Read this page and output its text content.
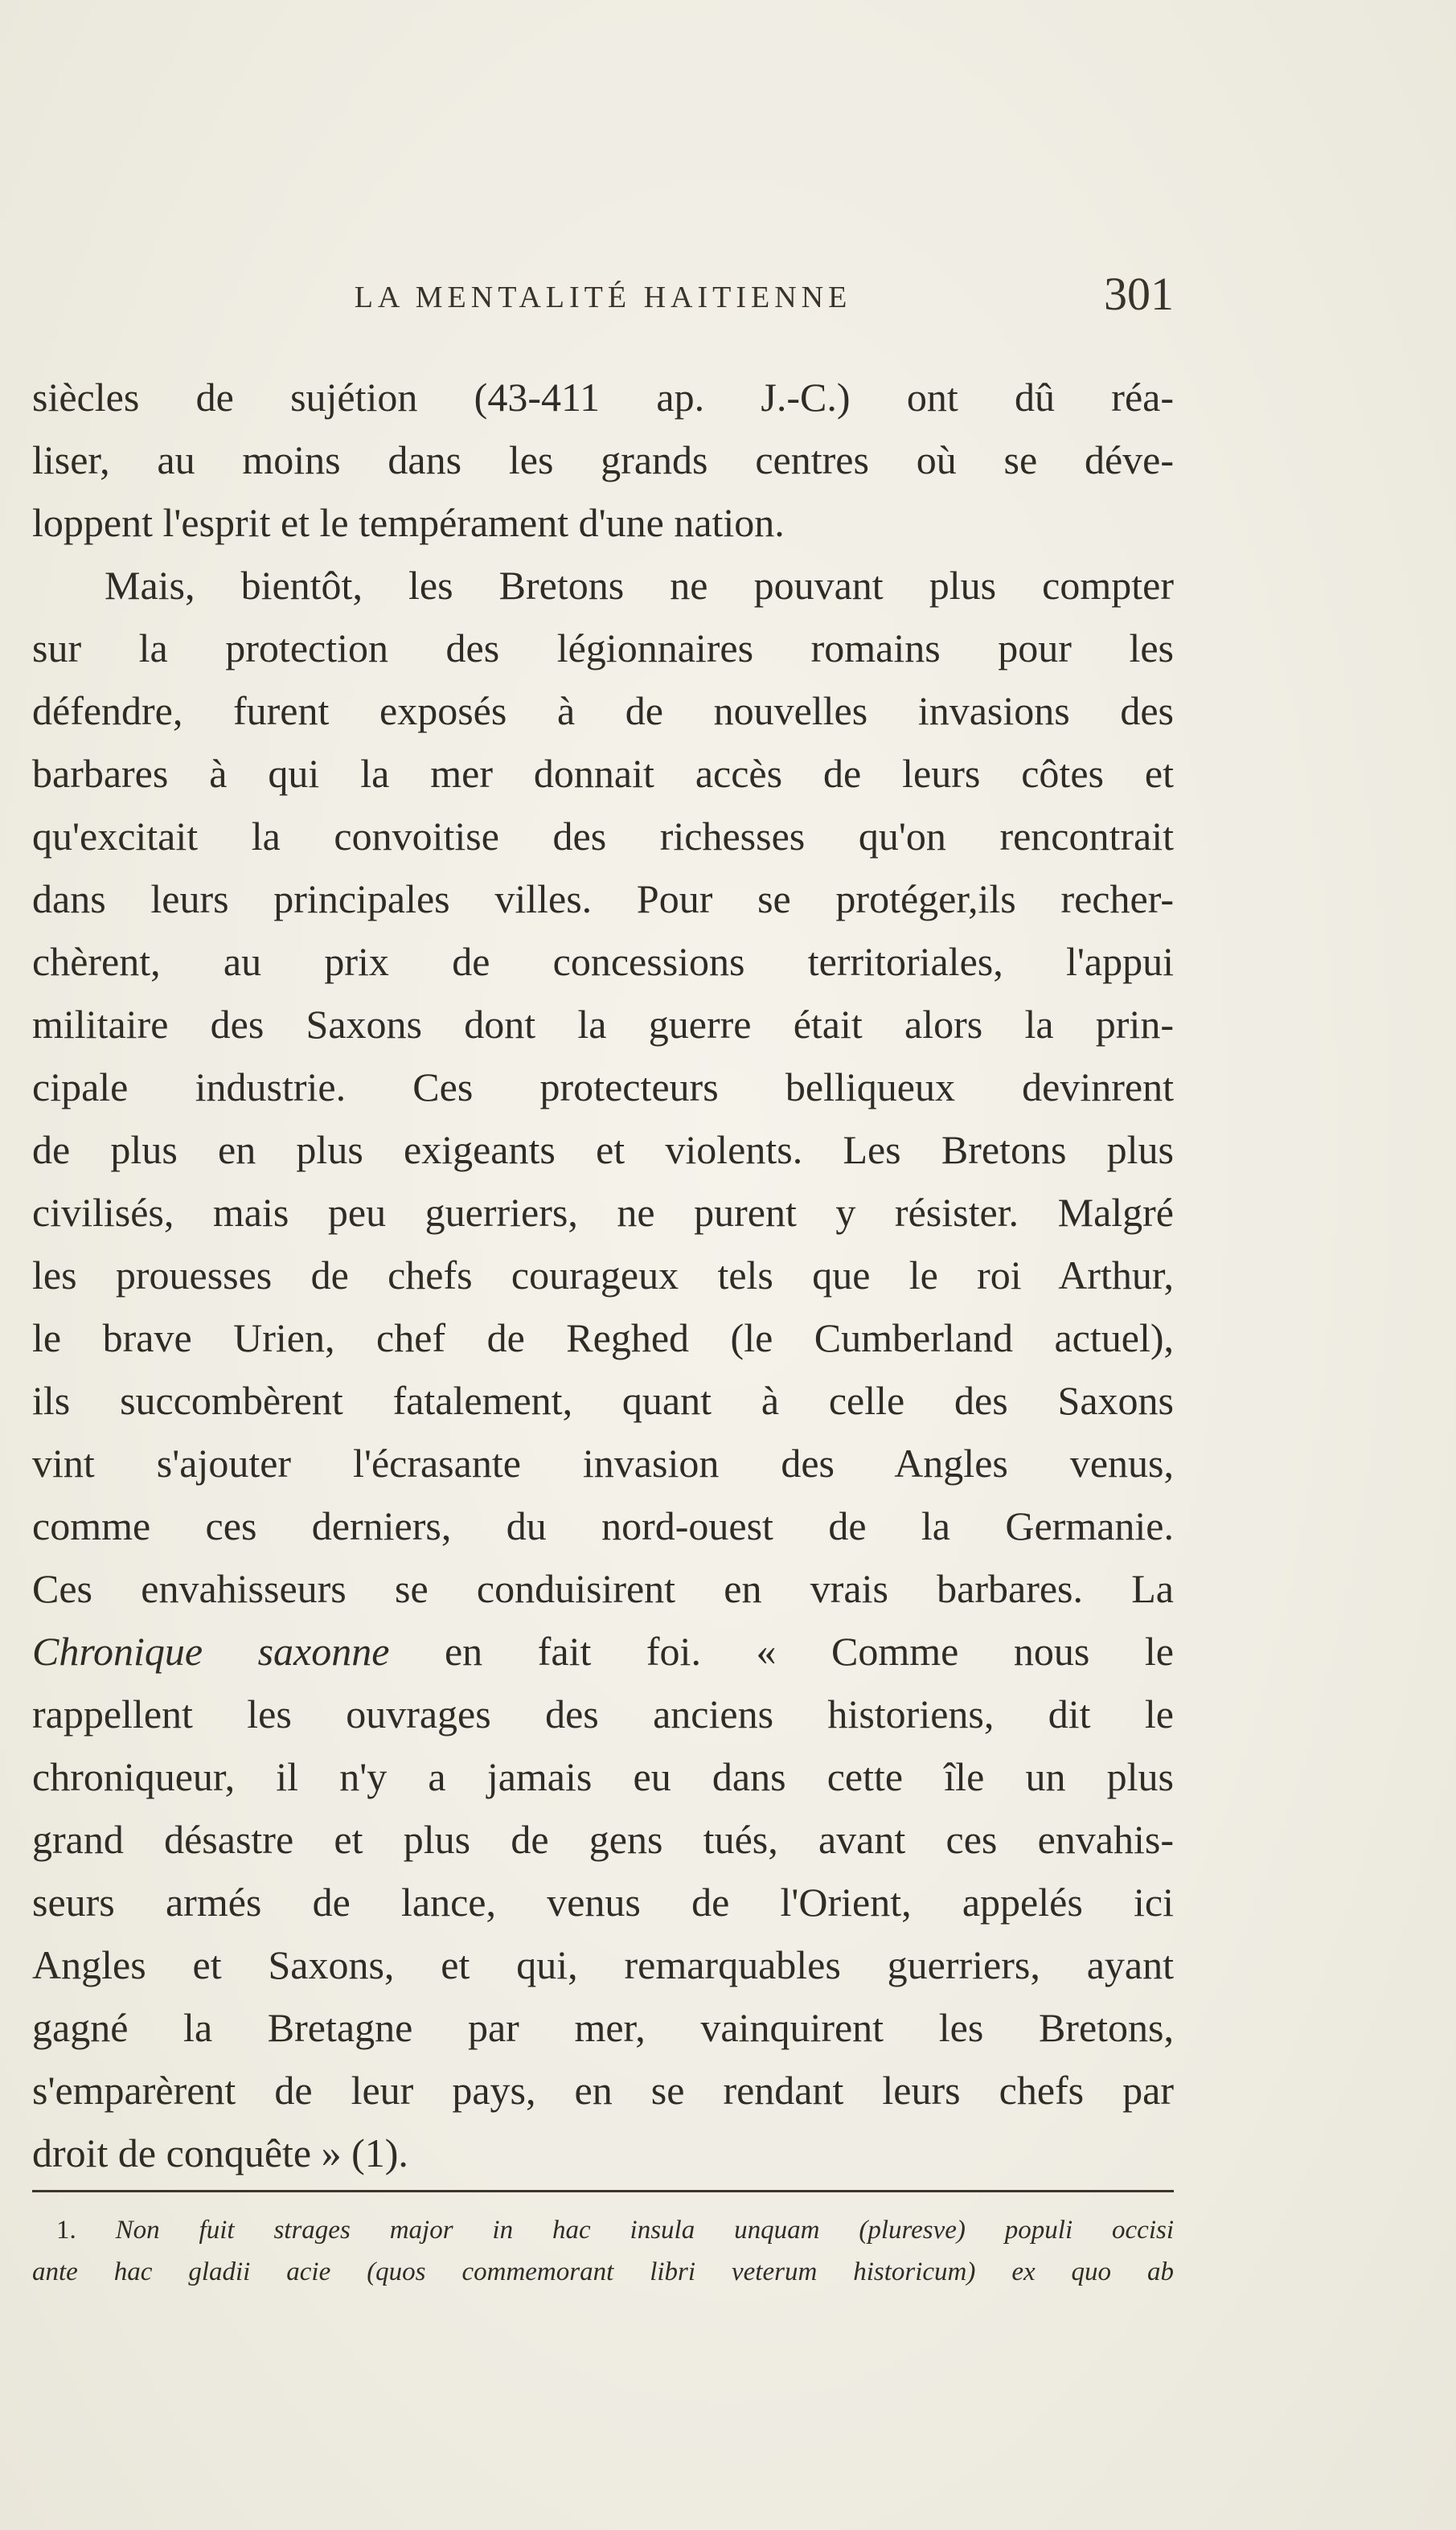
LA MENTALITÉ HAITIENNE	301
siècles de sujétion (43-411 ap. J.-C.) ont dû réa-
liser, au moins dans les grands centres où se déve-
loppent l'esprit et le tempérament d'une nation.
Mais, bientôt, les Bretons ne pouvant plus compter
sur la protection des légionnaires romains pour les
défendre, furent exposés à de nouvelles invasions des
barbares à qui la mer donnait accès de leurs côtes et
qu'excitait la convoitise des richesses qu'on rencontrait
dans leurs principales villes. Pour se protéger,ils recher-
chèrent, au prix de concessions territoriales, l'appui
militaire des Saxons dont la guerre était alors la prin-
cipale industrie. Ces protecteurs belliqueux devinrent
de plus en plus exigeants et violents. Les Bretons plus
civilisés, mais peu guerriers, ne purent y résister. Malgré
les prouesses de chefs courageux tels que le roi Arthur,
le brave Urien, chef de Reghed (le Cumberland actuel),
ils succombèrent fatalement, quant à celle des Saxons
vint s'ajouter l'écrasante invasion des Angles venus,
comme ces derniers, du nord-ouest de la Germanie.
Ces envahisseurs se conduisirent en vrais barbares. La
Chronique saxonne en fait foi. « Comme nous le
rappellent les ouvrages des anciens historiens, dit le
chroniqueur, il n'y a jamais eu dans cette île un plus
grand désastre et plus de gens tués, avant ces envahis-
seurs armés de lance, venus de l'Orient, appelés ici
Angles et Saxons, et qui, remarquables guerriers, ayant
gagné la Bretagne par mer, vainquirent les Bretons,
s'emparèrent de leur pays, en se rendant leurs chefs par
droit de conquête » (1).
1. Non fuit strages major in hac insula unquam (pluresve) populi occisi
ante hac gladii acie (quos commemorant libri veterum historicum) ex quo ab
